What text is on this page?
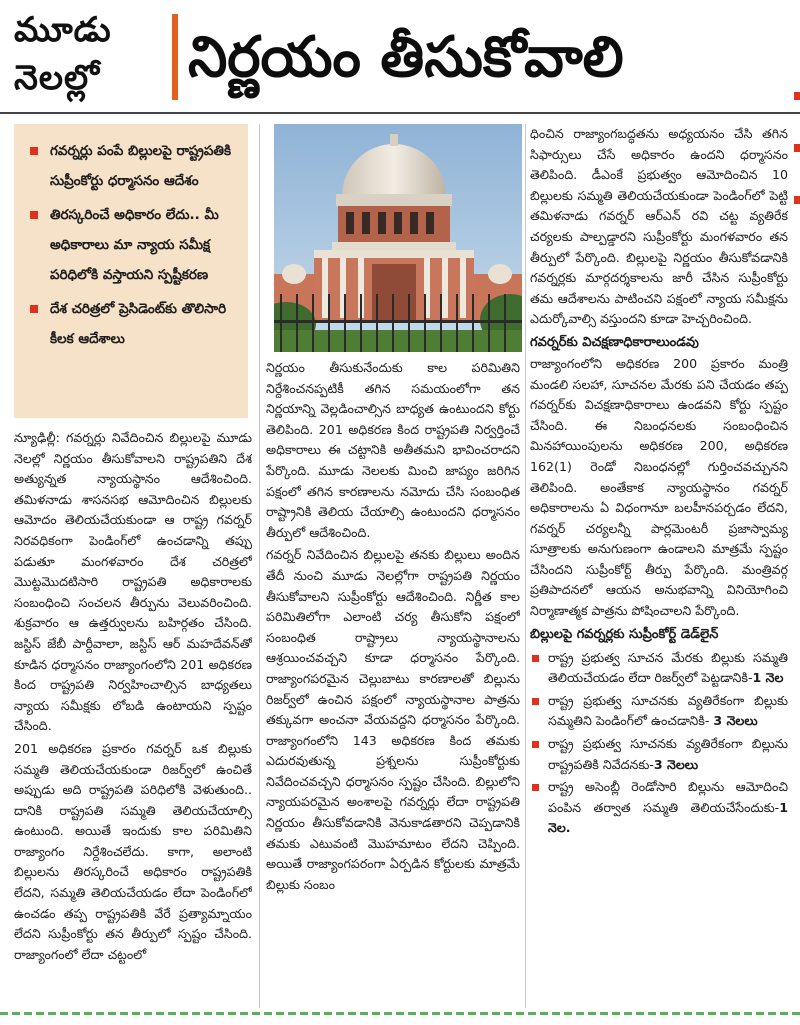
మూడు
నెలల్లో	నిర్ణయం తీసుకోవాలి
గవర్నర్లు పంపే బిల్లులపై రాష్ట్రపతికి సుప్రీంకోర్టు ధర్మాసనం ఆదేశం
తిరస్కరించే అధికారం లేదు.. మీ అధికారాలు మా న్యాయ సమీక్ష పరిధిలోకి వస్తాయని స్పష్టీకరణ
దేశ చరిత్రలో ప్రెసిడెంట్‌కు తొలిసారి కీలక ఆదేశాలు

న్యూఢిల్లీ: గవర్నర్లు నివేదించిన బిల్లులపై మూడు నెలల్లో నిర్ణయం తీసుకోవాలని రాష్ట్రపతిని దేశ అత్యున్నత న్యాయస్థానం ఆదేశించింది. తమిళనాడు శాసనసభ ఆమోదించిన బిల్లులకు ఆమోదం తెలియచేయకుండా ఆ రాష్ట్ర గవర్నర్ నిరవధికంగా పెండింగ్‌లో ఉంచడాన్ని తప్పు పడుతూ మంగళవారం దేశ చరిత్రలో మొట్టమొదటిసారి రాష్ట్రపతి అధికారాలకు సంబంధించి సంచలన తీర్పును వెలువరించింది. శుక్రవారం ఆ ఉత్తర్వులను బహిర్గతం చేసింది. జస్టిస్ జేబీ పార్దీవాలా, జస్టిస్ ఆర్ మహదేవన్‌తో కూడిన ధర్మాసనం రాజ్యాంగంలోని 201 అధికరణ కింద రాష్ట్రపతి నిర్వహించాల్సిన బాధ్యతలు న్యాయ సమీక్షకు లోబడి ఉంటాయని స్పష్టం చేసింది.

201 అధికరణ ప్రకారం గవర్నర్ ఒక బిల్లుకు సమ్మతి తెలియచేయకుండా రిజర్వ్‌లో ఉంచితే అప్పుడు అది రాష్ట్రపతి పరిధిలోకి వెళుతుంది.. దానికి రాష్ట్రపతి సమ్మతి తెలియచేయాల్సి ఉంటుంది. అయితే ఇందుకు కాల పరిమితిని రాజ్యాంగం నిర్దేశించలేదు. కాగా, అలాంటి బిల్లులను తిరస్కరించే అధికారం రాష్ట్రపతికి లేదని, సమ్మతి తెలియచేయడం లేదా పెండింగ్‌లో ఉంచడం తప్ప రాష్ట్రపతికి వేరే ప్రత్యామ్నాయం లేదని సుప్రీంకోర్టు తన తీర్పులో స్పష్టం చేసింది. రాజ్యాంగంలో లేదా చట్టంలో

నిర్ణయం తీసుకునేందుకు కాల పరిమితిని నిర్దేశించనప్పటికీ తగిన సమయంలోగా తన నిర్ణయాన్ని వెల్లడించాల్సిన బాధ్యత ఉంటుందని కోర్టు తెలిపింది. 201 అధికరణ కింద రాష్ట్రపతి నిర్వర్తించే అధికారాలు ఈ చట్టానికి అతీతమని భావించరాదని పేర్కొంది. మూడు నెలలకు మించి జాప్యం జరిగిన పక్షంలో తగిన కారణాలను నమోదు చేసి సంబంధిత రాష్ట్రానికి తెలియ చేయాల్సి ఉంటుందని ధర్మాసనం తీర్పులో ఆదేశించింది.

గవర్నర్ నివేదించిన బిల్లులపై తనకు బిల్లులు అందిన తేదీ నుంచి మూడు నెలల్లోగా రాష్ట్రపతి నిర్ణయం తీసుకోవాలని సుప్రీంకోర్టు ఆదేశించింది. నిర్ణీత కాల పరిమితిలోగా ఎలాంటి చర్య తీసుకోని పక్షంలో సంబంధిత రాష్ట్రాలు న్యాయస్థానాలను ఆశ్రయించవచ్చని కూడా ధర్మాసనం పేర్కొంది. రాజ్యాంగపరమైన చెల్లుబాటు కారణాలతో బిల్లును రిజర్వ్‌లో ఉంచిన పక్షంలో న్యాయస్థానాల పాత్రను తక్కువగా అంచనా వేయవద్దని ధర్మాసనం పేర్కొంది. రాజ్యాంగంలోని 143 అధికరణ కింద తమకు ఎదురవుతున్న ప్రశ్నలను సుప్రీంకోర్టుకు నివేదించవచ్చని ధర్మాసనం స్పష్టం చేసింది. బిల్లులోని న్యాయపరమైన అంశాలపై గవర్నర్లు లేదా రాష్ట్రపతి నిర్ణయం తీసుకోవడానికి వెనుకాడతారని చెప్పడానికి తమకు ఎటువంటి మొహమాటం లేదని చెప్పింది. అయితే రాజ్యాంగపరంగా ఏర్పడిన కోర్టులకు మాత్రమే బిల్లుకు సంబం

ధించిన రాజ్యాంగబద్ధతను అధ్యయనం చేసి తగిన సిఫార్సులు చేసే అధికారం ఉందని ధర్మాసనం తెలిపింది. డీఎంకే ప్రభుత్వం ఆమోదించిన 10 బిల్లులకు సమ్మతి తెలియచేయకుండా పెండింగ్‌లో పెట్టి తమిళనాడు గవర్నర్ ఆర్ఎన్ రవి చట్ట వ్యతిరేక చర్యలకు పాల్పడ్డారని సుప్రీంకోర్టు మంగళవారం తన తీర్పులో పేర్కొంది. బిల్లులపై నిర్ణయం తీసుకోవడానికి గవర్నర్లకు మార్గదర్శకాలను జారీ చేసిన సుప్రీంకోర్టు తమ ఆదేశాలను పాటించని పక్షంలో న్యాయ సమీక్షను ఎదుర్కోవాల్సి వస్తుందని కూడా హెచ్చరించింది.

గవర్నర్‌కు విచక్షణాధికారాలుండవు

రాజ్యాంగంలోని అధికరణ 200 ప్రకారం మంత్రి మండలి సలహా, సూచనల మేరకు పని చేయడం తప్ప గవర్నర్‌కు విచక్షణాధికారాలు ఉండవని కోర్టు స్పష్టం చేసింది. ఈ నిబంధనలకు సంబంధించిన మినహాయింపులను అధికరణ 200, అధికరణ 162(1) రెండో నిబంధనల్లో గుర్తించవచ్చునని తెలిపింది. అంతేకాక న్యాయస్థానం గవర్నర్ అధికారాలను ఏ విధంగానూ బలహీనపర్చడం లేదని, గవర్నర్ చర్యలన్నీ పార్లమెంటరీ ప్రజాస్వామ్య సూత్రాలకు అనుగుణంగా ఉండాలని మాత్రమే స్పష్టం చేసిందని సుప్రీంకోర్ట్ తీర్పు పేర్కొంది. మంత్రివర్గ ప్రతిపాదనలో ఆయన అనుభవాన్ని వినియోగించి నిర్మాణాత్మక పాత్రను పోషించాలని పేర్కొంది.

బిల్లులపై గవర్నర్లకు సుప్రీంకోర్ట్ డెడ్‌లైన్
రాష్ట్ర ప్రభుత్వ సూచన మేరకు బిల్లుకు సమ్మతి తెలియచేయడం లేదా రిజర్వ్‌లో పెట్టడానికి-1 నెల
రాష్ట్ర ప్రభుత్వ సూచనకు వ్యతిరేకంగా బిల్లుకు సమ్మతిని పెండింగ్‌లో ఉంచడానికి- 3 నెలలు
రాష్ట్ర ప్రభుత్వ సూచనకు వ్యతిరేకంగా బిల్లును రాష్ట్రపతికి నివేదనకు-3 నెలలు
రాష్ట్ర అసెంబ్లీ రెండోసారి బిల్లును ఆమోదించి పంపిన తర్వాత సమ్మతి తెలియచేసేందుకు-1 నెల.
